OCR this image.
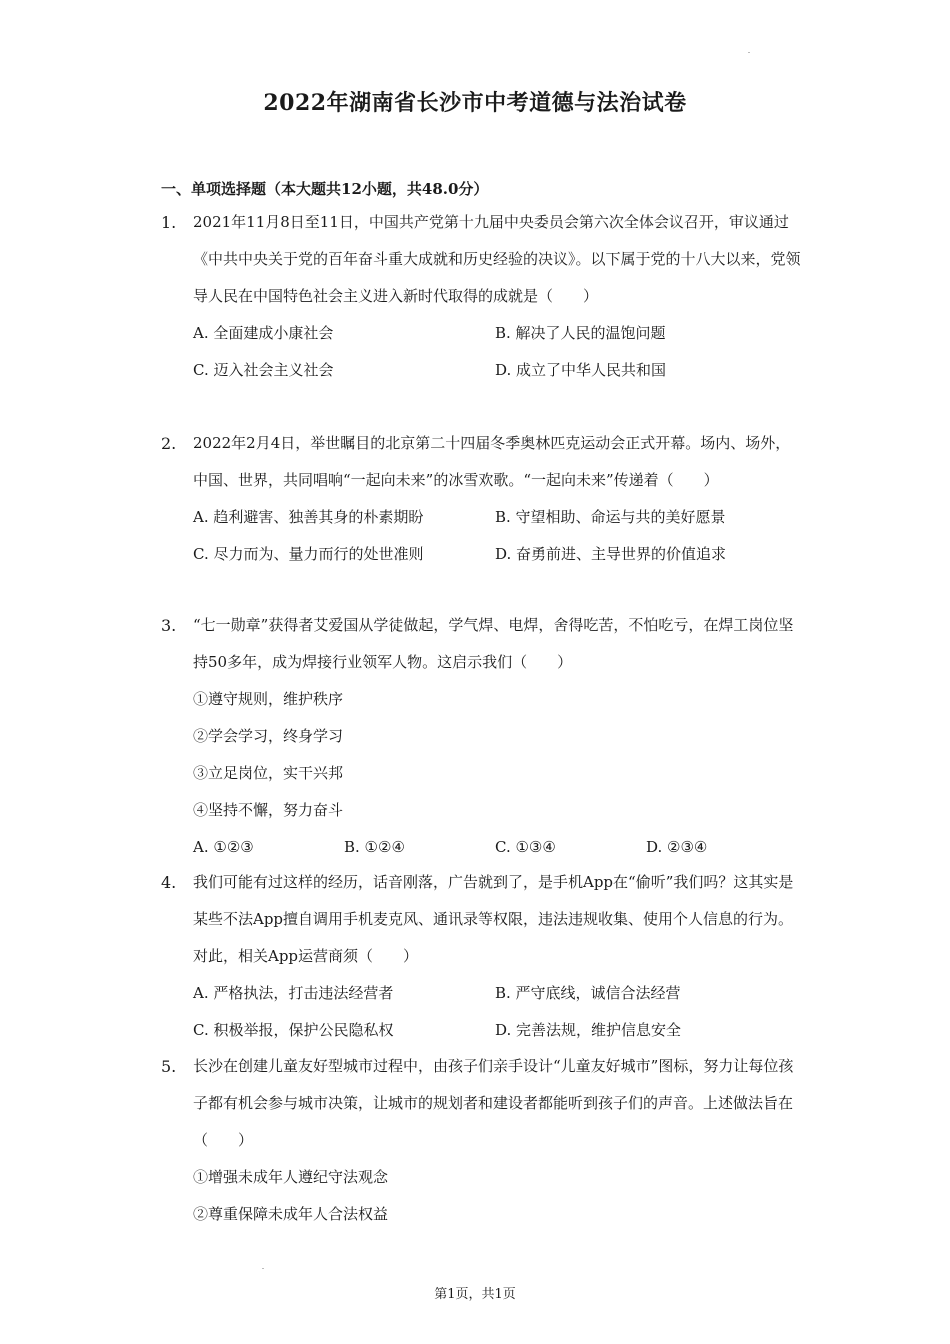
2022年湖南省长沙市中考道德与法治试卷
一、单项选择题（本大题共12小题，共48.0分）
1. 2021年11月8日至11日，中国共产党第十九届中央委员会第六次全体会议召开，审议通过《中共中央关于党的百年奋斗重大成就和历史经验的决议》。以下属于党的十八大以来，党领导人民在中国特色社会主义进入新时代取得的成就是（　　）
A. 全面建成小康社会	B. 解决了人民的温饱问题
C. 迈入社会主义社会	D. 成立了中华人民共和国
2. 2022年2月4日，举世瞩目的北京第二十四届冬季奥林匹克运动会正式开幕。场内、场外，中国、世界，共同唱响“一起向未来”的冰雪欢歌。“一起向未来”传递着（　　）
A. 趋利避害、独善其身的朴素期盼	B. 守望相助、命运与共的美好愿景
C. 尽力而为、量力而行的处世准则	D. 奋勇前进、主导世界的价值追求
3. “七一勋章”获得者艾爱国从学徒做起，学气焊、电焊，舍得吃苦，不怕吃亏，在焊工岗位坚持50多年，成为焊接行业领军人物。这启示我们（　　）
①遵守规则，维护秩序
②学会学习，终身学习
③立足岗位，实干兴邦
④坚持不懈，努力奋斗
A. ①②③	B. ①②④	C. ①③④	D. ②③④
4. 我们可能有过这样的经历，话音刚落，广告就到了，是手机App在“偷听”我们吗？这其实是某些不法App擅自调用手机麦克风、通讯录等权限，违法违规收集、使用个人信息的行为。对此，相关App运营商须（　　）
A. 严格执法，打击违法经营者	B. 严守底线，诚信合法经营
C. 积极举报，保护公民隐私权	D. 完善法规，维护信息安全
5. 长沙在创建儿童友好型城市过程中，由孩子们亲手设计“儿童友好城市”图标，努力让每位孩子都有机会参与城市决策，让城市的规划者和建设者都能听到孩子们的声音。上述做法旨在（　　）
①增强未成年人遵纪守法观念
②尊重保障未成年人合法权益
第1页，共1页
